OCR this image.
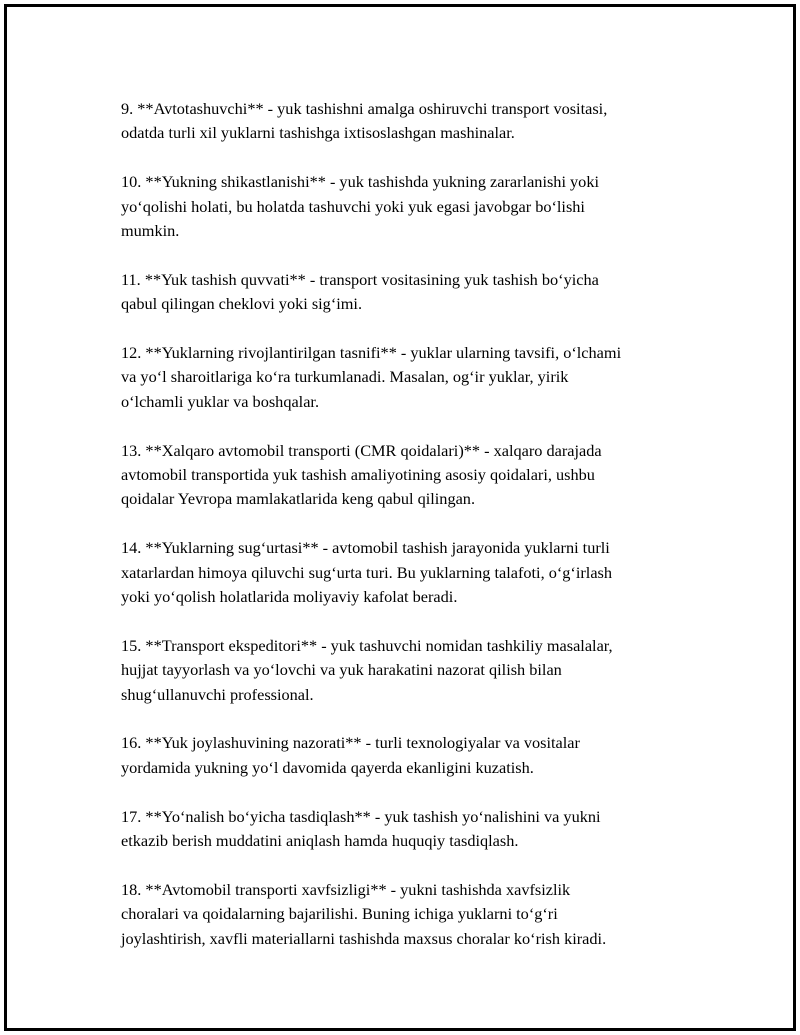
9. **Avtotashuvchi** - yuk tashishni amalga oshiruvchi transport vositasi,
odatda turli xil yuklarni tashishga ixtisoslashgan mashinalar.

10. **Yukning shikastlanishi** - yuk tashishda yukning zararlanishi yoki
yo‘qolishi holati, bu holatda tashuvchi yoki yuk egasi javobgar bo‘lishi
mumkin.

11. **Yuk tashish quvvati** - transport vositasining yuk tashish bo‘yicha
qabul qilingan cheklovi yoki sig‘imi.

12. **Yuklarning rivojlantirilgan tasnifi** - yuklar ularning tavsifi, o‘lchami
va yo‘l sharoitlariga ko‘ra turkumlanadi. Masalan, og‘ir yuklar, yirik
o‘lchamli yuklar va boshqalar.

13. **Xalqaro avtomobil transporti (CMR qoidalari)** - xalqaro darajada
avtomobil transportida yuk tashish amaliyotining asosiy qoidalari, ushbu
qoidalar Yevropa mamlakatlarida keng qabul qilingan.

14. **Yuklarning sug‘urtasi** - avtomobil tashish jarayonida yuklarni turli
xatarlardan himoya qiluvchi sug‘urta turi. Bu yuklarning talafoti, o‘g‘irlash
yoki yo‘qolish holatlarida moliyaviy kafolat beradi.

15. **Transport ekspeditori** - yuk tashuvchi nomidan tashkiliy masalalar,
hujjat tayyorlash va yo‘lovchi va yuk harakatini nazorat qilish bilan
shug‘ullanuvchi professional.

16. **Yuk joylashuvining nazorati** - turli texnologiyalar va vositalar
yordamida yukning yo‘l davomida qayerda ekanligini kuzatish.

17. **Yo‘nalish bo‘yicha tasdiqlash** - yuk tashish yo‘nalishini va yukni
etkazib berish muddatini aniqlash hamda huquqiy tasdiqlash.

18. **Avtomobil transporti xavfsizligi** - yukni tashishda xavfsizlik
choralari va qoidalarning bajarilishi. Buning ichiga yuklarni to‘g‘ri
joylashtirish, xavfli materiallarni tashishda maxsus choralar ko‘rish kiradi.
